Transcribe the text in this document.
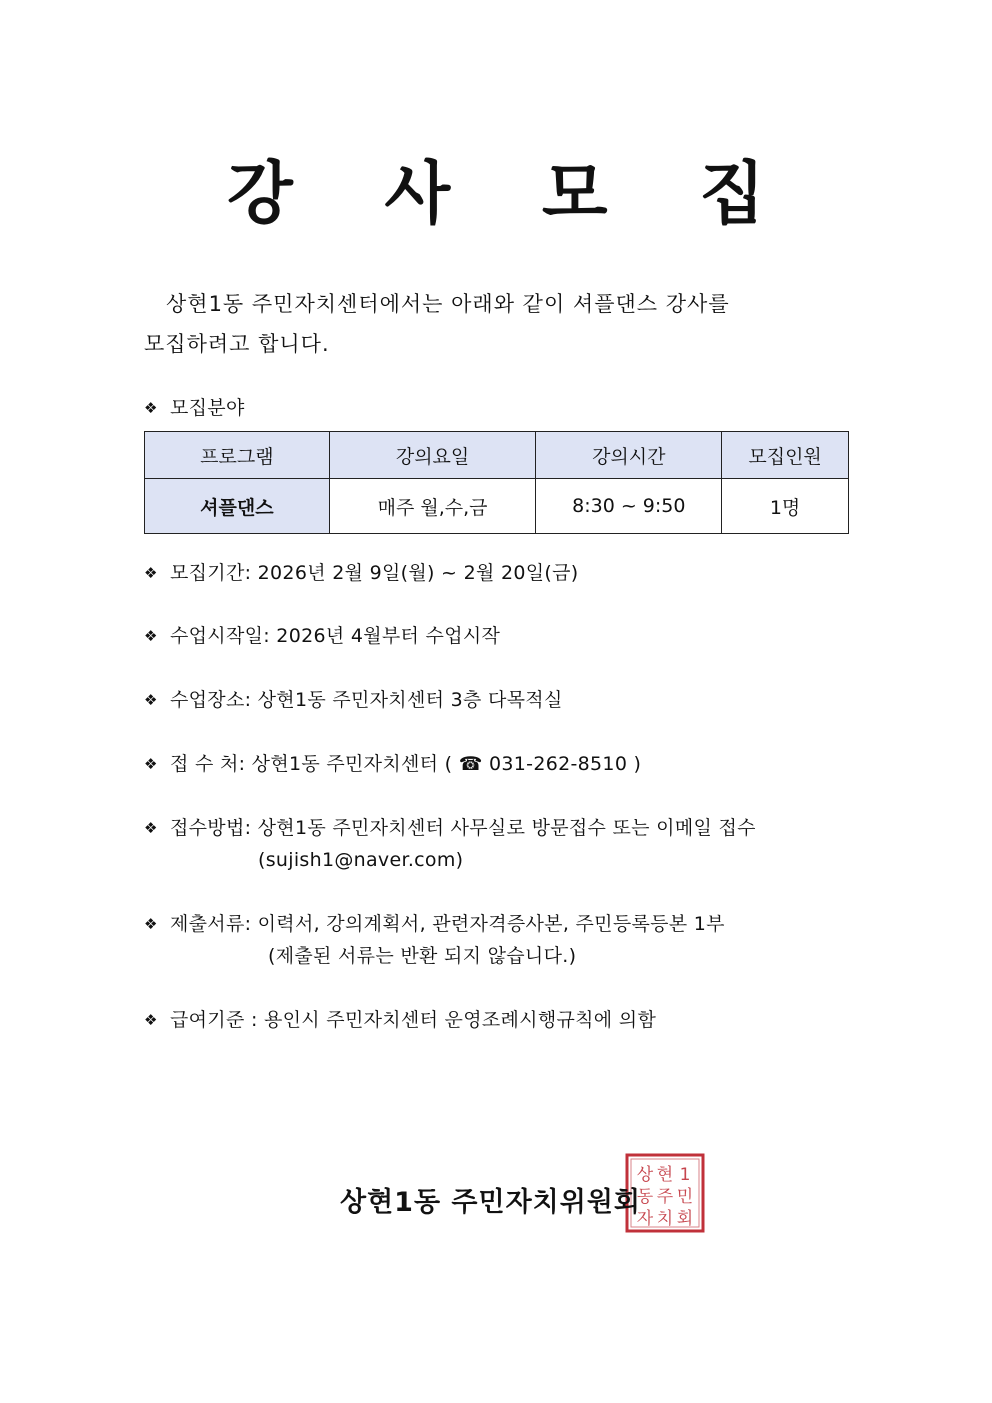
강 사 모 집
상현1동 주민자치센터에서는 아래와 같이 셔플댄스 강사를
모집하려고 합니다.
❖ 모집분야
프로그램	강의요일	강의시간	모집인원
셔플댄스	매주 월,수,금	8:30 ~ 9:50	1명
❖ 모집기간: 2026년 2월 9일(월) ~ 2월 20일(금)
❖ 수업시작일: 2026년 4월부터 수업시작
❖ 수업장소: 상현1동 주민자치센터 3층 다목적실
❖ 접 수 처: 상현1동 주민자치센터 ( ☎ 031-262-8510 )
❖ 접수방법: 상현1동 주민자치센터 사무실로 방문접수 또는 이메일 접수
(sujish1@naver.com)
❖ 제출서류: 이력서, 강의계획서, 관련자격증사본, 주민등록등본 1부
(제출된 서류는 반환 되지 않습니다.)
❖ 급여기준 : 용인시 주민자치센터 운영조례시행규칙에 의함
상 현 1
동 주 민
자 치 회
상현1동 주민자치위원회
